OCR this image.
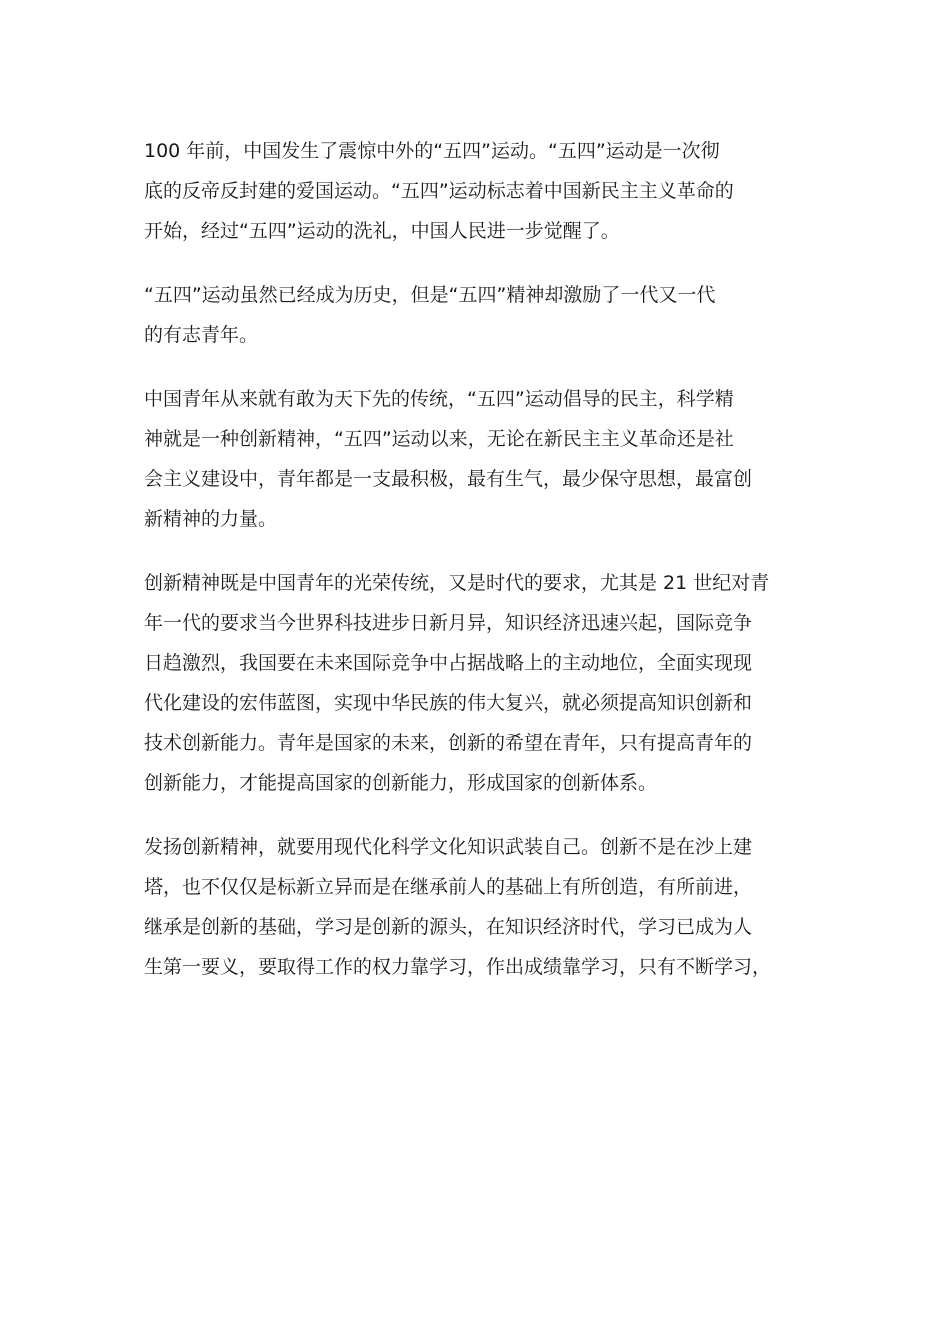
100 年前，中国发生了震惊中外的“五四”运动。“五四”运动是一次彻
底的反帝反封建的爱国运动。“五四”运动标志着中国新民主主义革命的
开始，经过“五四”运动的洗礼，中国人民进一步觉醒了。

“五四”运动虽然已经成为历史，但是“五四”精神却激励了一代又一代
的有志青年。

中国青年从来就有敢为天下先的传统，“五四”运动倡导的民主，科学精
神就是一种创新精神，“五四”运动以来，无论在新民主主义革命还是社
会主义建设中，青年都是一支最积极，最有生气，最少保守思想，最富创
新精神的力量。

创新精神既是中国青年的光荣传统，又是时代的要求，尤其是 21 世纪对青
年一代的要求当今世界科技进步日新月异，知识经济迅速兴起，国际竞争
日趋激烈，我国要在未来国际竞争中占据战略上的主动地位，全面实现现
代化建设的宏伟蓝图，实现中华民族的伟大复兴，就必须提高知识创新和
技术创新能力。青年是国家的未来，创新的希望在青年，只有提高青年的
创新能力，才能提高国家的创新能力，形成国家的创新体系。

发扬创新精神，就要用现代化科学文化知识武装自己。创新不是在沙上建
塔，也不仅仅是标新立异而是在继承前人的基础上有所创造，有所前进，
继承是创新的基础，学习是创新的源头，在知识经济时代，学习已成为人
生第一要义，要取得工作的权力靠学习，作出成绩靠学习，只有不断学习，
